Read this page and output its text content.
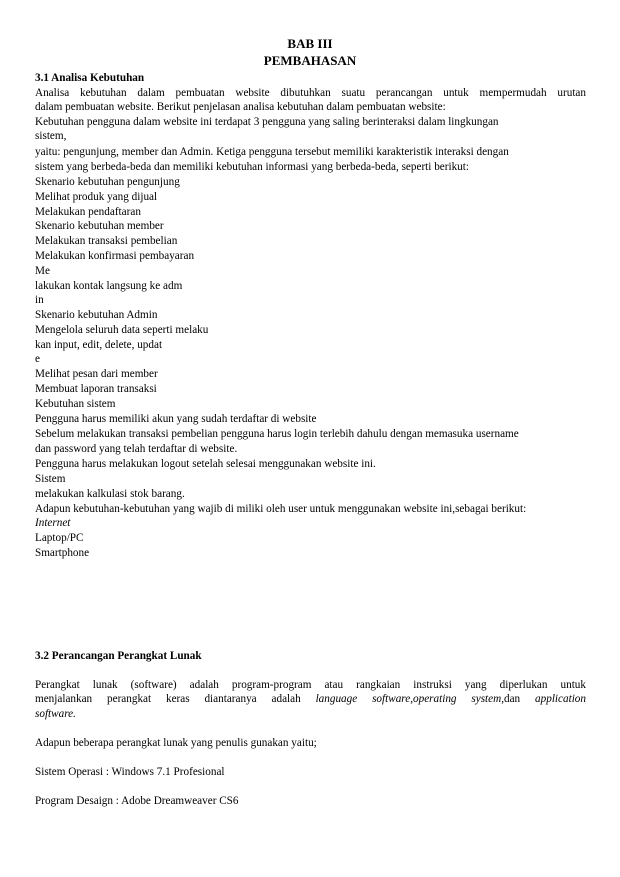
BAB III
PEMBAHASAN

3.1 Analisa Kebutuhan

Analisa kebutuhan dalam pembuatan website dibutuhkan suatu perancangan untuk mempermudah urutan

dalam pembuatan website. Berikut penjelasan analisa kebutuhan dalam pembuatan website:

Kebutuhan pengguna dalam website ini terdapat 3 pengguna yang saling berinteraksi dalam lingkungan

sistem,

yaitu: pengunjung, member dan Admin. Ketiga pengguna tersebut memiliki karakteristik interaksi dengan

sistem yang berbeda-beda dan memiliki kebutuhan informasi yang berbeda-beda, seperti berikut:

Skenario kebutuhan pengunjung

Melihat produk yang dijual

Melakukan pendaftaran

Skenario kebutuhan member

Melakukan transaksi pembelian

Melakukan konfirmasi pembayaran

Me

lakukan kontak langsung ke adm

in

Skenario kebutuhan Admin

Mengelola seluruh data seperti melaku

kan input, edit, delete, updat

e

Melihat pesan dari member

Membuat laporan transaksi

Kebutuhan sistem

Pengguna harus memiliki akun yang sudah terdaftar di website

Sebelum melakukan transaksi pembelian pengguna harus login terlebih dahulu dengan memasuka username

dan password yang telah terdaftar di website.

Pengguna harus melakukan logout setelah selesai menggunakan website ini.

Sistem

melakukan kalkulasi stok barang.

Adapun kebutuhan-kebutuhan yang wajib di miliki oleh user untuk menggunakan website ini,sebagai berikut:

Internet

Laptop/PC

Smartphone

3.2 Perancangan Perangkat Lunak

Perangkat lunak (software) adalah program-program atau rangkaian instruksi yang diperlukan untuk

menjalankan perangkat keras diantaranya adalah language software,operating system,dan application

software.

Adapun beberapa perangkat lunak yang penulis gunakan yaitu;

Sistem Operasi : Windows 7.1 Profesional

Program Desaign : Adobe Dreamweaver CS6
